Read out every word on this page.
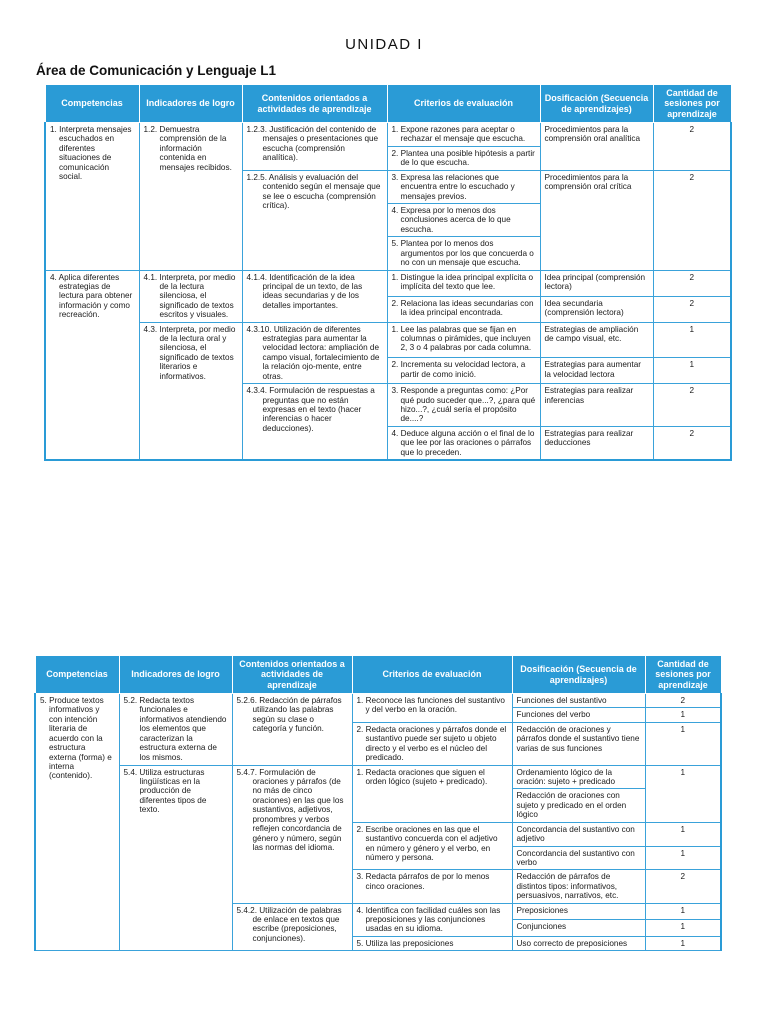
UNIDAD I
Área de Comunicación y Lenguaje L1
Competencias	Indicadores de logro	Contenidos orientados a actividades de aprendizaje	Criterios de evaluación	Dosificación (Secuencia de aprendizajes)	Cantidad de sesiones por aprendizaje
1. Interpreta mensajes escuchados en diferentes situaciones de comunicación social.	1.2. Demuestra comprensión de la información contenida en mensajes recibidos.	1.2.3. Justificación del contenido de mensajes o presentaciones que escucha (comprensión analítica).	1. Expone razones para aceptar o rechazar el mensaje que escucha.	Procedimientos para la comprensión oral analítica	2
			2. Plantea una posible hipótesis a partir de lo que escucha.		
		1.2.5. Análisis y evaluación del contenido según el mensaje que se lee o escucha (comprensión crítica).	3. Expresa las relaciones que encuentra entre lo escuchado y mensajes previos.	Procedimientos para la comprensión oral crítica	2
			4. Expresa por lo menos dos conclusiones acerca de lo que escucha.		
			5. Plantea por lo menos dos argumentos por los que concuerda o no con un mensaje que escucha.		
4. Aplica diferentes estrategias de lectura para obtener información y como recreación.	4.1. Interpreta, por medio de la lectura silenciosa, el significado de textos escritos y visuales.	4.1.4. Identificación de la idea principal de un texto, de las ideas secundarias y de los detalles importantes.	1. Distingue la idea principal explícita o implícita del texto que lee.	Idea principal (comprensión lectora)	2
			2. Relaciona las ideas secundarias con la idea principal encontrada.	Idea secundaria (comprensión lectora)	2
	4.3. Interpreta, por medio de la lectura oral y silenciosa, el significado de textos literarios e informativos.	4.3.10. Utilización de diferentes estrategias para aumentar la velocidad lectora: ampliación de campo visual, fortalecimiento de la relación ojo-mente, entre otras.	1. Lee las palabras que se fijan en columnas o pirámides, que incluyen 2, 3 o 4 palabras por cada columna.	Estrategias de ampliación de campo visual, etc.	1
			2. Incrementa su velocidad lectora, a partir de como inició.	Estrategias para aumentar la velocidad lectora	1
		4.3.4. Formulación de respuestas a preguntas que no están expresas en el texto (hacer inferencias o hacer deducciones).	3. Responde a preguntas como: ¿Por qué pudo suceder que...?, ¿para qué hizo...?, ¿cuál sería el propósito de....?	Estrategias para realizar inferencias	2
			4. Deduce alguna acción o el final de lo que lee por las oraciones o párrafos que lo preceden.	Estrategias para realizar deducciones	2
Competencias	Indicadores de logro	Contenidos orientados a actividades de aprendizaje	Criterios de evaluación	Dosificación (Secuencia de aprendizajes)	Cantidad de sesiones por aprendizaje
5. Produce textos informativos y con intención literaria de acuerdo con la estructura externa (forma) e interna (contenido).	5.2. Redacta textos funcionales e informativos atendiendo los elementos que caracterizan la estructura externa de los mismos.	5.2.6. Redacción de párrafos utilizando las palabras según su clase o categoría y función.	1. Reconoce las funciones del sustantivo y del verbo en la oración.	Funciones del sustantivo	2
				Funciones del verbo	1
			2. Redacta oraciones y párrafos donde el sustantivo puede ser sujeto u objeto directo y el verbo es el núcleo del predicado.	Redacción de oraciones y párrafos donde el sustantivo tiene varias de sus funciones	1
	5.4. Utiliza estructuras lingüísticas en la producción de diferentes tipos de texto.	5.4.7. Formulación de oraciones y párrafos (de no más de cinco oraciones) en las que los sustantivos, adjetivos, pronombres y verbos reflejen concordancia de género y número, según las normas del idioma.	1. Redacta oraciones que siguen el orden lógico (sujeto + predicado).	Ordenamiento lógico de la oración: sujeto + predicado	1
				Redacción de oraciones con sujeto y predicado en el orden lógico	
			2. Escribe oraciones en las que el sustantivo concuerda con el adjetivo en número y género y el verbo, en número y persona.	Concordancia del sustantivo con adjetivo	1
				Concordancia del sustantivo con verbo	1
			3. Redacta párrafos de por lo menos cinco oraciones.	Redacción de párrafos de distintos tipos: informativos, persuasivos, narrativos, etc.	2
		5.4.2. Utilización de palabras de enlace en textos que escribe (preposiciones, conjunciones).	4. Identifica con facilidad cuáles son las preposiciones y las conjunciones usadas en su idioma.	Preposiciones	1
				Conjunciones	1
			5. Utiliza las preposiciones	Uso correcto de preposiciones	1
